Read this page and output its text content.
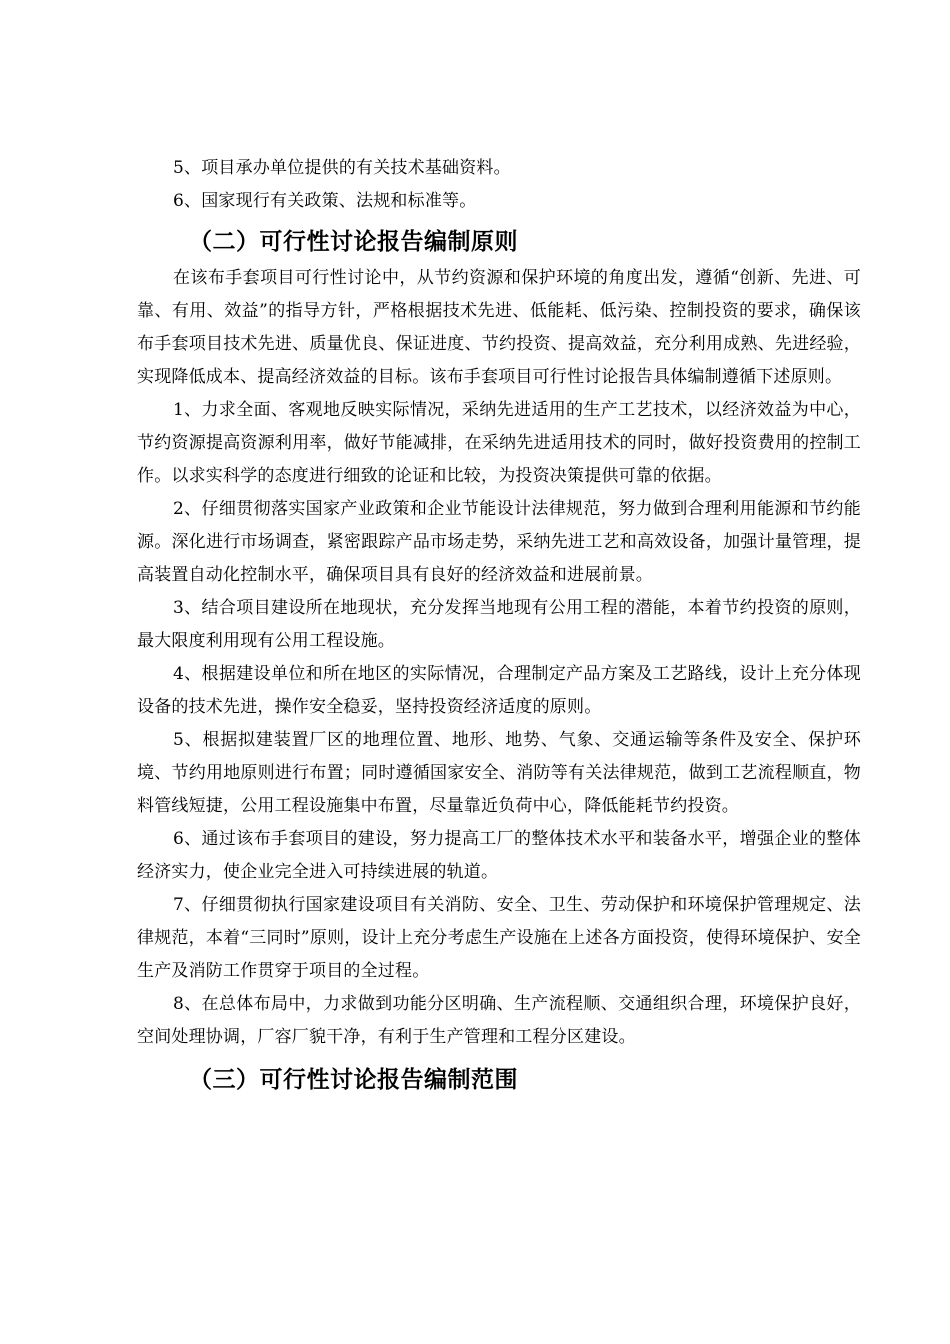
5、项目承办单位提供的有关技术基础资料。

6、国家现行有关政策、法规和标准等。

（二）可行性讨论报告编制原则

在该布手套项目可行性讨论中，从节约资源和保护环境的角度出发，遵循“创新、先进、可靠、有用、效益”的指导方针，严格根据技术先进、低能耗、低污染、控制投资的要求，确保该布手套项目技术先进、质量优良、保证进度、节约投资、提高效益，充分利用成熟、先进经验，实现降低成本、提高经济效益的目标。该布手套项目可行性讨论报告具体编制遵循下述原则。

1、力求全面、客观地反映实际情况，采纳先进适用的生产工艺技术，以经济效益为中心，节约资源提高资源利用率，做好节能减排，在采纳先进适用技术的同时，做好投资费用的控制工作。以求实科学的态度进行细致的论证和比较，为投资决策提供可靠的依据。

2、仔细贯彻落实国家产业政策和企业节能设计法律规范，努力做到合理利用能源和节约能源。深化进行市场调查，紧密跟踪产品市场走势，采纳先进工艺和高效设备，加强计量管理，提高装置自动化控制水平，确保项目具有良好的经济效益和进展前景。

3、结合项目建设所在地现状，充分发挥当地现有公用工程的潜能，本着节约投资的原则，最大限度利用现有公用工程设施。

4、根据建设单位和所在地区的实际情况，合理制定产品方案及工艺路线，设计上充分体现设备的技术先进，操作安全稳妥，坚持投资经济适度的原则。

5、根据拟建装置厂区的地理位置、地形、地势、气象、交通运输等条件及安全、保护环境、节约用地原则进行布置；同时遵循国家安全、消防等有关法律规范，做到工艺流程顺直，物料管线短捷，公用工程设施集中布置，尽量靠近负荷中心，降低能耗节约投资。

6、通过该布手套项目的建设，努力提高工厂的整体技术水平和装备水平，增强企业的整体经济实力，使企业完全进入可持续进展的轨道。

7、仔细贯彻执行国家建设项目有关消防、安全、卫生、劳动保护和环境保护管理规定、法律规范，本着“三同时”原则，设计上充分考虑生产设施在上述各方面投资，使得环境保护、安全生产及消防工作贯穿于项目的全过程。

8、在总体布局中，力求做到功能分区明确、生产流程顺、交通组织合理，环境保护良好，空间处理协调，厂容厂貌干净，有利于生产管理和工程分区建设。

（三）可行性讨论报告编制范围
